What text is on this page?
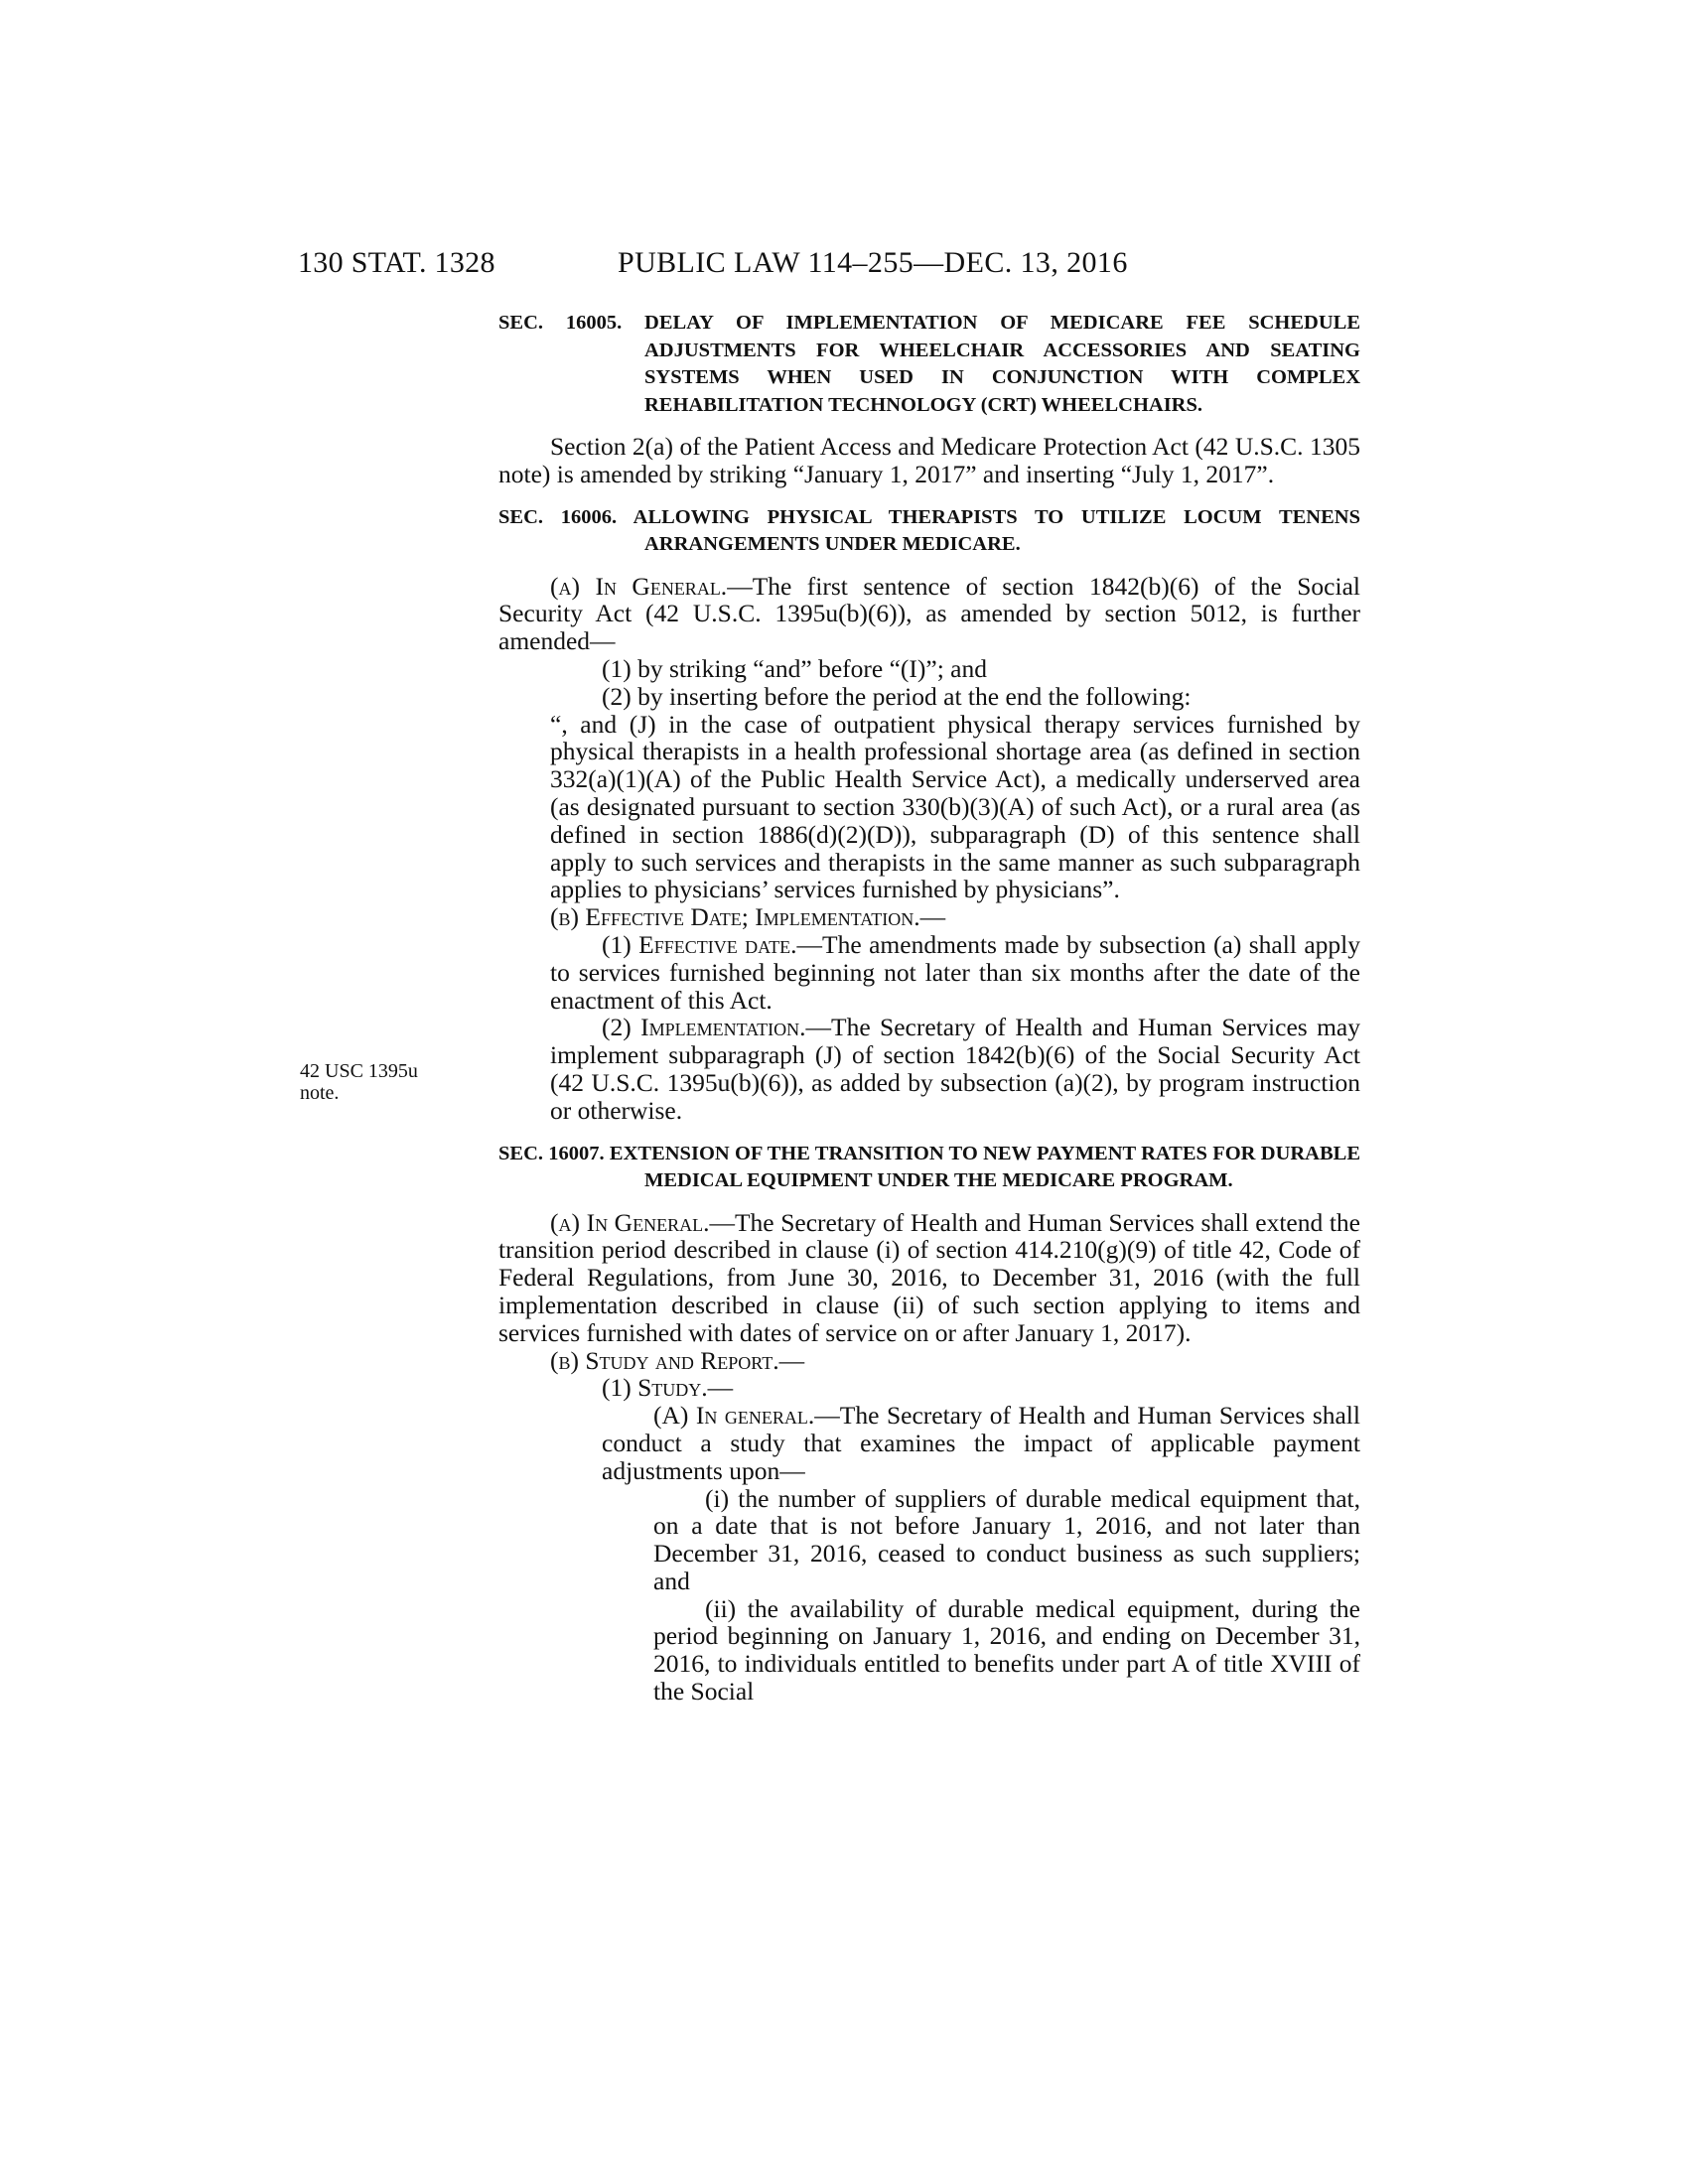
130 STAT. 1328	PUBLIC LAW 114–255—DEC. 13, 2016
42 USC 1395u
note.

SEC. 16005. DELAY OF IMPLEMENTATION OF MEDICARE FEE SCHEDULE ADJUSTMENTS FOR WHEELCHAIR ACCESSORIES AND SEATING SYSTEMS WHEN USED IN CONJUNCTION WITH COMPLEX REHABILITATION TECHNOLOGY (CRT) WHEELCHAIRS.

Section 2(a) of the Patient Access and Medicare Protection Act (42 U.S.C. 1305 note) is amended by striking “January 1, 2017” and inserting “July 1, 2017”.

SEC. 16006. ALLOWING PHYSICAL THERAPISTS TO UTILIZE LOCUM TENENS ARRANGEMENTS UNDER MEDICARE.

(a) In General.—The first sentence of section 1842(b)(6) of the Social Security Act (42 U.S.C. 1395u(b)(6)), as amended by section 5012, is further amended—

(1) by striking “and” before “(I)”; and

(2) by inserting before the period at the end the following:

“, and (J) in the case of outpatient physical therapy services furnished by physical therapists in a health professional shortage area (as defined in section 332(a)(1)(A) of the Public Health Service Act), a medically underserved area (as designated pursuant to section 330(b)(3)(A) of such Act), or a rural area (as defined in section 1886(d)(2)(D)), subparagraph (D) of this sentence shall apply to such services and therapists in the same manner as such subparagraph applies to physicians’ services furnished by physicians”.

(b) Effective Date; Implementation.—

(1) Effective date.—The amendments made by subsection (a) shall apply to services furnished beginning not later than six months after the date of the enactment of this Act.

(2) Implementation.—The Secretary of Health and Human Services may implement subparagraph (J) of section 1842(b)(6) of the Social Security Act (42 U.S.C. 1395u(b)(6)), as added by subsection (a)(2), by program instruction or otherwise.

SEC. 16007. EXTENSION OF THE TRANSITION TO NEW PAYMENT RATES FOR DURABLE MEDICAL EQUIPMENT UNDER THE MEDICARE PROGRAM.

(a) In General.—The Secretary of Health and Human Services shall extend the transition period described in clause (i) of section 414.210(g)(9) of title 42, Code of Federal Regulations, from June 30, 2016, to December 31, 2016 (with the full implementation described in clause (ii) of such section applying to items and services furnished with dates of service on or after January 1, 2017).

(b) Study and Report.—

(1) Study.—

(A) In general.—The Secretary of Health and Human Services shall conduct a study that examines the impact of applicable payment adjustments upon—

(i) the number of suppliers of durable medical equipment that, on a date that is not before January 1, 2016, and not later than December 31, 2016, ceased to conduct business as such suppliers; and

(ii) the availability of durable medical equipment, during the period beginning on January 1, 2016, and ending on December 31, 2016, to individuals entitled to benefits under part A of title XVIII of the Social
